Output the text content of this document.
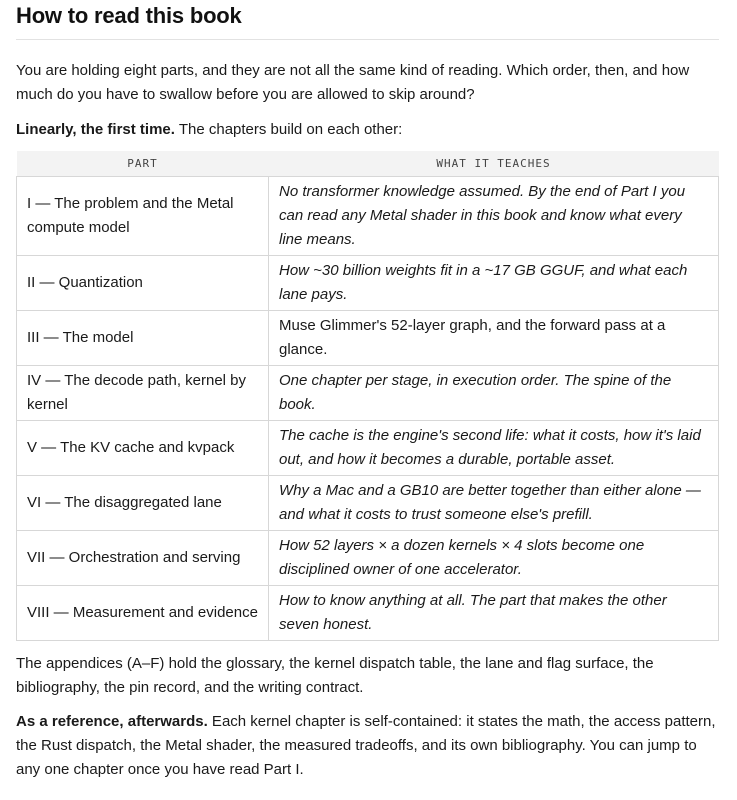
How to read this book

You are holding eight parts, and they are not all the same kind of reading. Which order, then, and how much do you have to swallow before you are allowed to skip around?

Linearly, the first time. The chapters build on each other:

PART	WHAT IT TEACHES
I — The problem and the Metal compute model	No transformer knowledge assumed. By the end of Part I you can read any Metal shader in this book and know what every line means.
II — Quantization	How ~30 billion weights fit in a ~17 GB GGUF, and what each lane pays.
III — The model	Muse Glimmer's 52-layer graph, and the forward pass at a glance.
IV — The decode path, kernel by kernel	One chapter per stage, in execution order. The spine of the book.
V — The KV cache and kvpack	The cache is the engine's second life: what it costs, how it's laid out, and how it becomes a durable, portable asset.
VI — The disaggregated lane	Why a Mac and a GB10 are better together than either alone — and what it costs to trust someone else's prefill.
VII — Orchestration and serving	How 52 layers × a dozen kernels × 4 slots become one disciplined owner of one accelerator.
VIII — Measurement and evidence	How to know anything at all. The part that makes the other seven honest.

The appendices (A–F) hold the glossary, the kernel dispatch table, the lane and flag surface, the bibliography, the pin record, and the writing contract.

As a reference, afterwards. Each kernel chapter is self-contained: it states the math, the access pattern, the Rust dispatch, the Metal shader, the measured tradeoffs, and its own bibliography. You can jump to any one chapter once you have read Part I.
